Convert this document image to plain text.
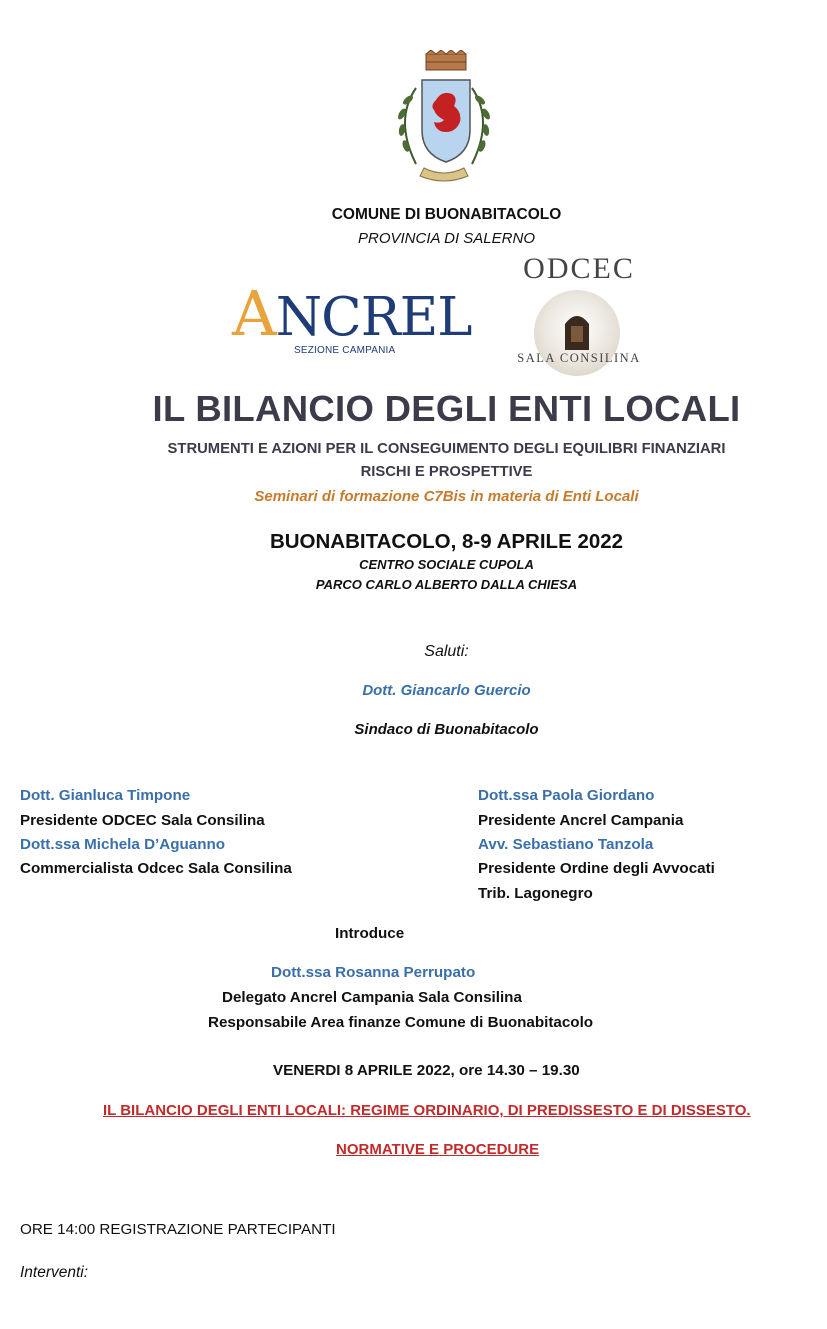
COMUNE DI BUONABITACOLO
PROVINCIA DI SALERNO
ANCREL
SEZIONE CAMPANIA
ODCEC
SALA CONSILINA
IL BILANCIO DEGLI ENTI LOCALI
STRUMENTI E AZIONI PER IL CONSEGUIMENTO DEGLI EQUILIBRI FINANZIARI
RISCHI E PROSPETTIVE
Seminari di formazione C7Bis in materia di Enti Locali
BUONABITACOLO, 8-9 APRILE 2022
CENTRO SOCIALE CUPOLA
PARCO CARLO ALBERTO DALLA CHIESA
Saluti:
Dott. Giancarlo Guercio
Sindaco di Buonabitacolo
Dott. Gianluca Timpone
Presidente ODCEC Sala Consilina
Dott.ssa Michela D’Aguanno
Commercialista Odcec Sala Consilina
Dott.ssa Paola Giordano
Presidente Ancrel Campania
Avv. Sebastiano Tanzola
Presidente Ordine degli Avvocati
Trib. Lagonegro
Introduce
Dott.ssa Rosanna Perrupato
Delegato Ancrel Campania Sala Consilina
Responsabile Area finanze Comune di Buonabitacolo
VENERDI 8 APRILE 2022, ore 14.30 – 19.30
IL BILANCIO DEGLI ENTI LOCALI: REGIME ORDINARIO, DI PREDISSESTO E DI DISSESTO.
NORMATIVE E PROCEDURE
ORE 14:00 REGISTRAZIONE PARTECIPANTI
Interventi:
